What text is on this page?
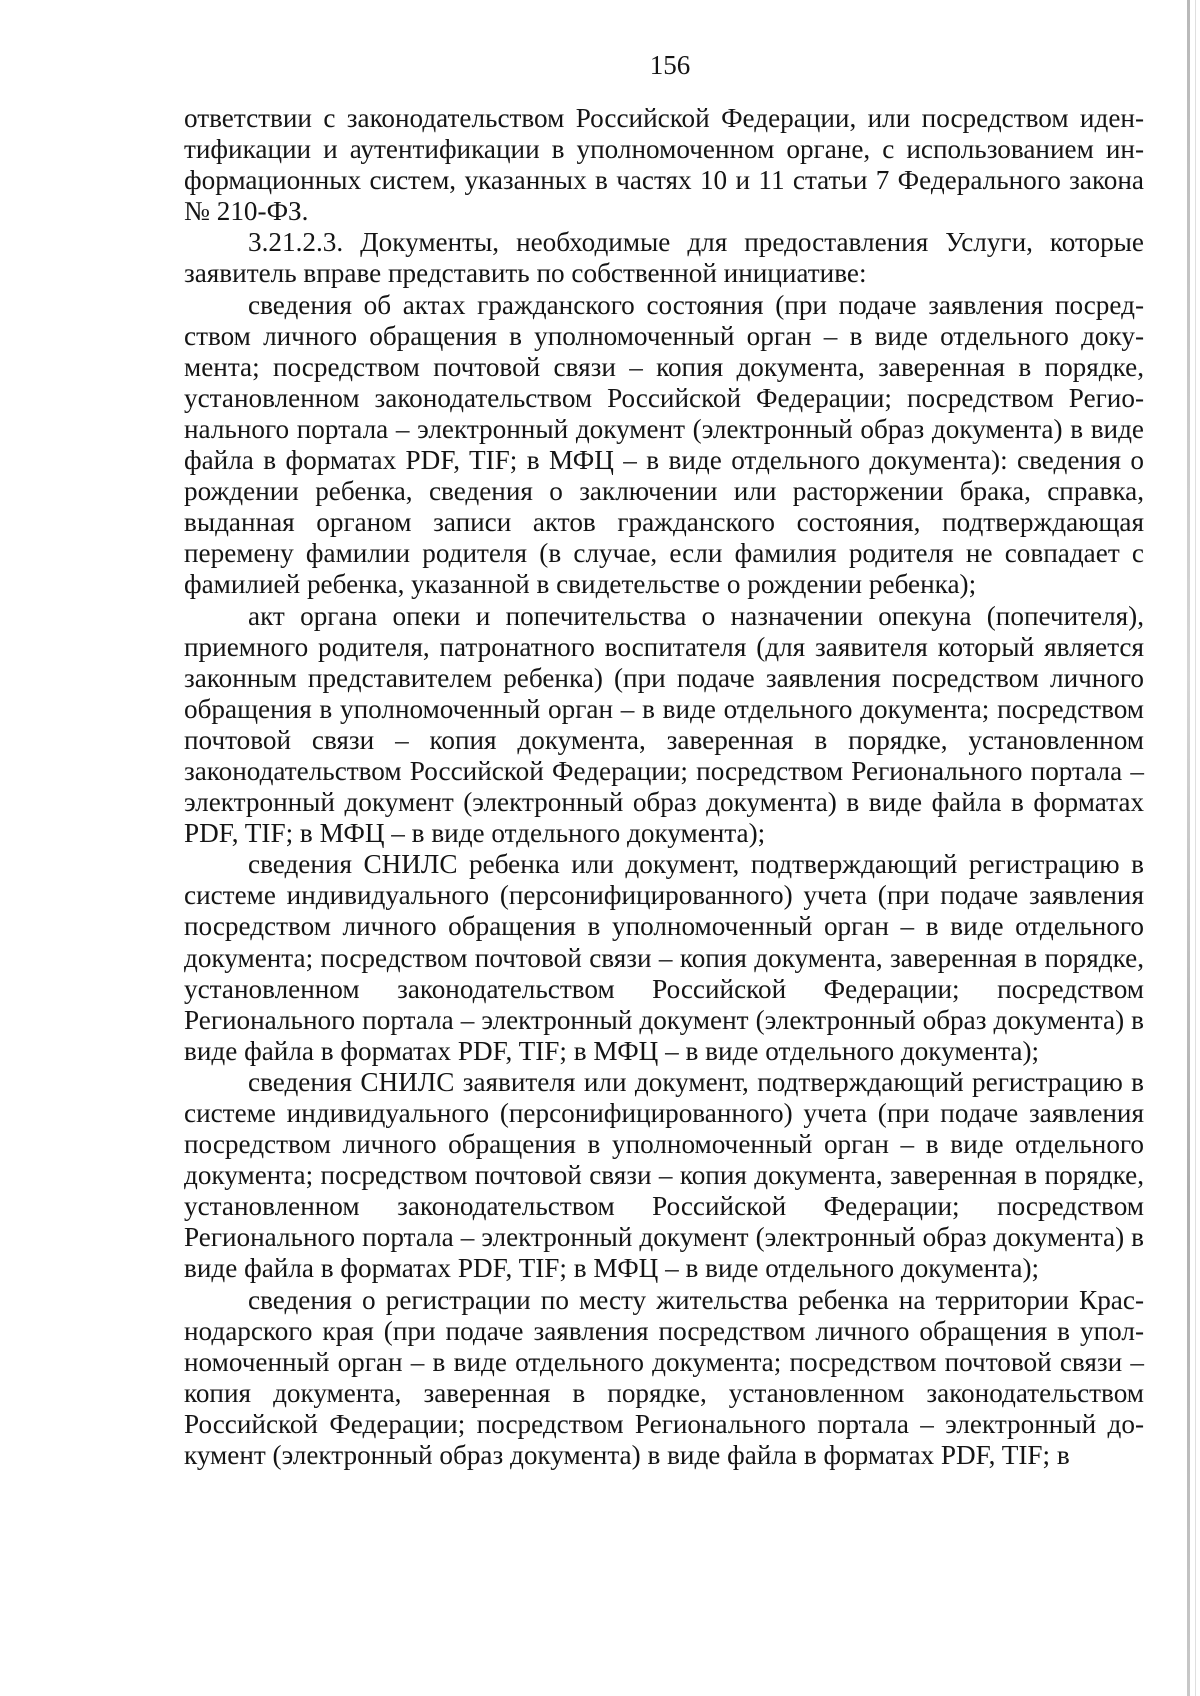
156

ответствии с законодательством Российской Федерации, или посредством идентификации и аутентификации в уполномоченном органе, с использованием информационных систем, указанных в частях 10 и 11 статьи 7 Федерального закона № 210-ФЗ.

3.21.2.3. Документы, необходимые для предоставления Услуги, которые заявитель вправе представить по собственной инициативе:

сведения об актах гражданского состояния (при подаче заявления посредством личного обращения в уполномоченный орган – в виде отдельного документа; посредством почтовой связи – копия документа, заверенная в порядке, установленном законодательством Российской Федерации; посредством Регионального портала – электронный документ (электронный образ документа) в виде файла в форматах PDF, TIF; в МФЦ – в виде отдельного документа): сведения о рождении ребенка, сведения о заключении или расторжении брака, справка, выданная органом записи актов гражданского состояния, подтверждающая перемену фамилии родителя (в случае, если фамилия родителя не совпадает с фамилией ребенка, указанной в свидетельстве о рождении ребенка);

акт органа опеки и попечительства о назначении опекуна (попечителя), приемного родителя, патронатного воспитателя (для заявителя который является законным представителем ребенка) (при подаче заявления посредством личного обращения в уполномоченный орган – в виде отдельного документа; посредством почтовой связи – копия документа, заверенная в порядке, установленном законодательством Российской Федерации; посредством Регионального портала – электронный документ (электронный образ документа) в виде файла в форматах PDF, TIF; в МФЦ – в виде отдельного документа);

сведения СНИЛС ребенка или документ, подтверждающий регистрацию в системе индивидуального (персонифицированного) учета (при подаче заявления посредством личного обращения в уполномоченный орган – в виде отдельного документа; посредством почтовой связи – копия документа, заверенная в порядке, установленном законодательством Российской Федерации; посредством Регионального портала – электронный документ (электронный образ документа) в виде файла в форматах PDF, TIF; в МФЦ – в виде отдельного документа);

сведения СНИЛС заявителя или документ, подтверждающий регистрацию в системе индивидуального (персонифицированного) учета (при подаче заявления посредством личного обращения в уполномоченный орган – в виде отдельного документа; посредством почтовой связи – копия документа, заверенная в порядке, установленном законодательством Российской Федерации; посредством Регионального портала – электронный документ (электронный образ документа) в виде файла в форматах PDF, TIF; в МФЦ – в виде отдельного документа);

сведения о регистрации по месту жительства ребенка на территории Краснодарского края (при подаче заявления посредством личного обращения в уполномоченный орган – в виде отдельного документа; посредством почтовой связи – копия документа, заверенная в порядке, установленном законодательством Российской Федерации; посредством Регионального портала – электронный документ (электронный образ документа) в виде файла в форматах PDF, TIF; в
